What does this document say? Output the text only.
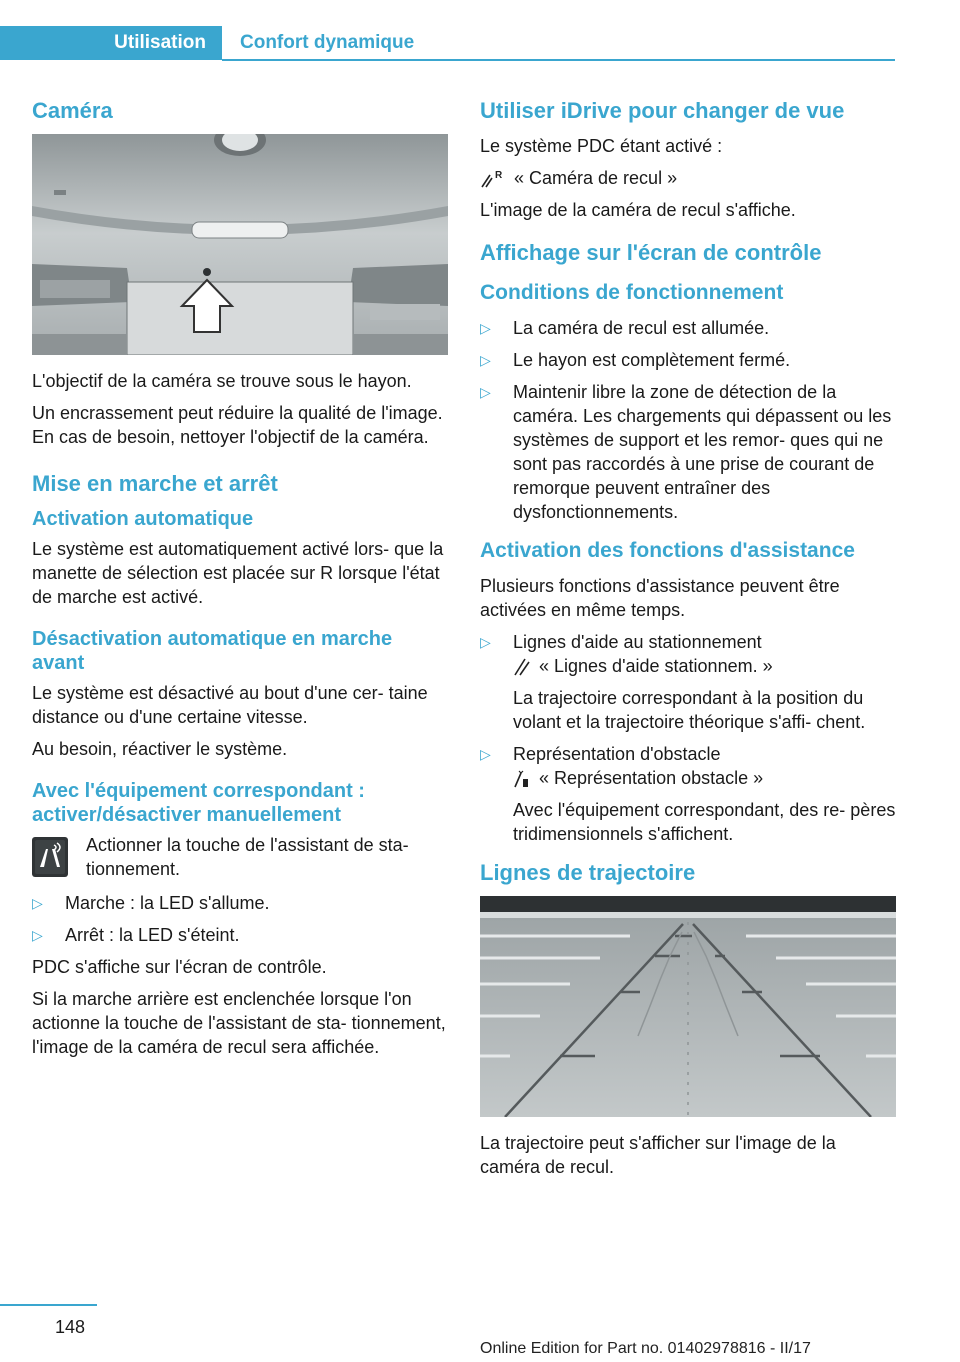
Utilisation	Confort dynamique
Caméra

L'objectif de la caméra se trouve sous le hayon.

Un encrassement peut réduire la qualité de l'image. En cas de besoin, nettoyer l'objectif de la caméra.

Mise en marche et arrêt
Activation automatique

Le système est automatiquement activé lors‐ que la manette de sélection est placée sur R lorsque l'état de marche est activé.

Désactivation automatique en marche avant

Le système est désactivé au bout d'une cer‐ taine distance ou d'une certaine vitesse.

Au besoin, réactiver le système.

Avec l'équipement correspondant : activer/désactiver manuellement
Actionner la touche de l'assistant de sta‐ tionnement.
▷ Marche : la LED s'allume.
▷ Arrêt : la LED s'éteint.

PDC s'affiche sur l'écran de contrôle.

Si la marche arrière est enclenchée lorsque l'on actionne la touche de l'assistant de sta‐ tionnement, l'image de la caméra de recul sera affichée.

Utiliser iDrive pour changer de vue

Le système PDC étant activé :

R « Caméra de recul »

L'image de la caméra de recul s'affiche.

Affichage sur l'écran de contrôle
Conditions de fonctionnement
▷ La caméra de recul est allumée.
▷ Le hayon est complètement fermé.
▷ Maintenir libre la zone de détection de la caméra. Les chargements qui dépassent ou les systèmes de support et les remor‐ ques qui ne sont pas raccordés à une prise de courant de remorque peuvent entraîner des dysfonctionnements.
Activation des fonctions d'assistance

Plusieurs fonctions d'assistance peuvent être activées en même temps.

▷ Lignes d'aide au stationnement
« Lignes d'aide stationnem. »
La trajectoire correspondant à la position du volant et la trajectoire théorique s'affi‐ chent.
▷ Représentation d'obstacle
« Représentation obstacle »
Avec l'équipement correspondant, des re‐ pères tridimensionnels s'affichent.
Lignes de trajectoire

La trajectoire peut s'afficher sur l'image de la caméra de recul.

148
Online Edition for Part no. 01402978816 - II/17
